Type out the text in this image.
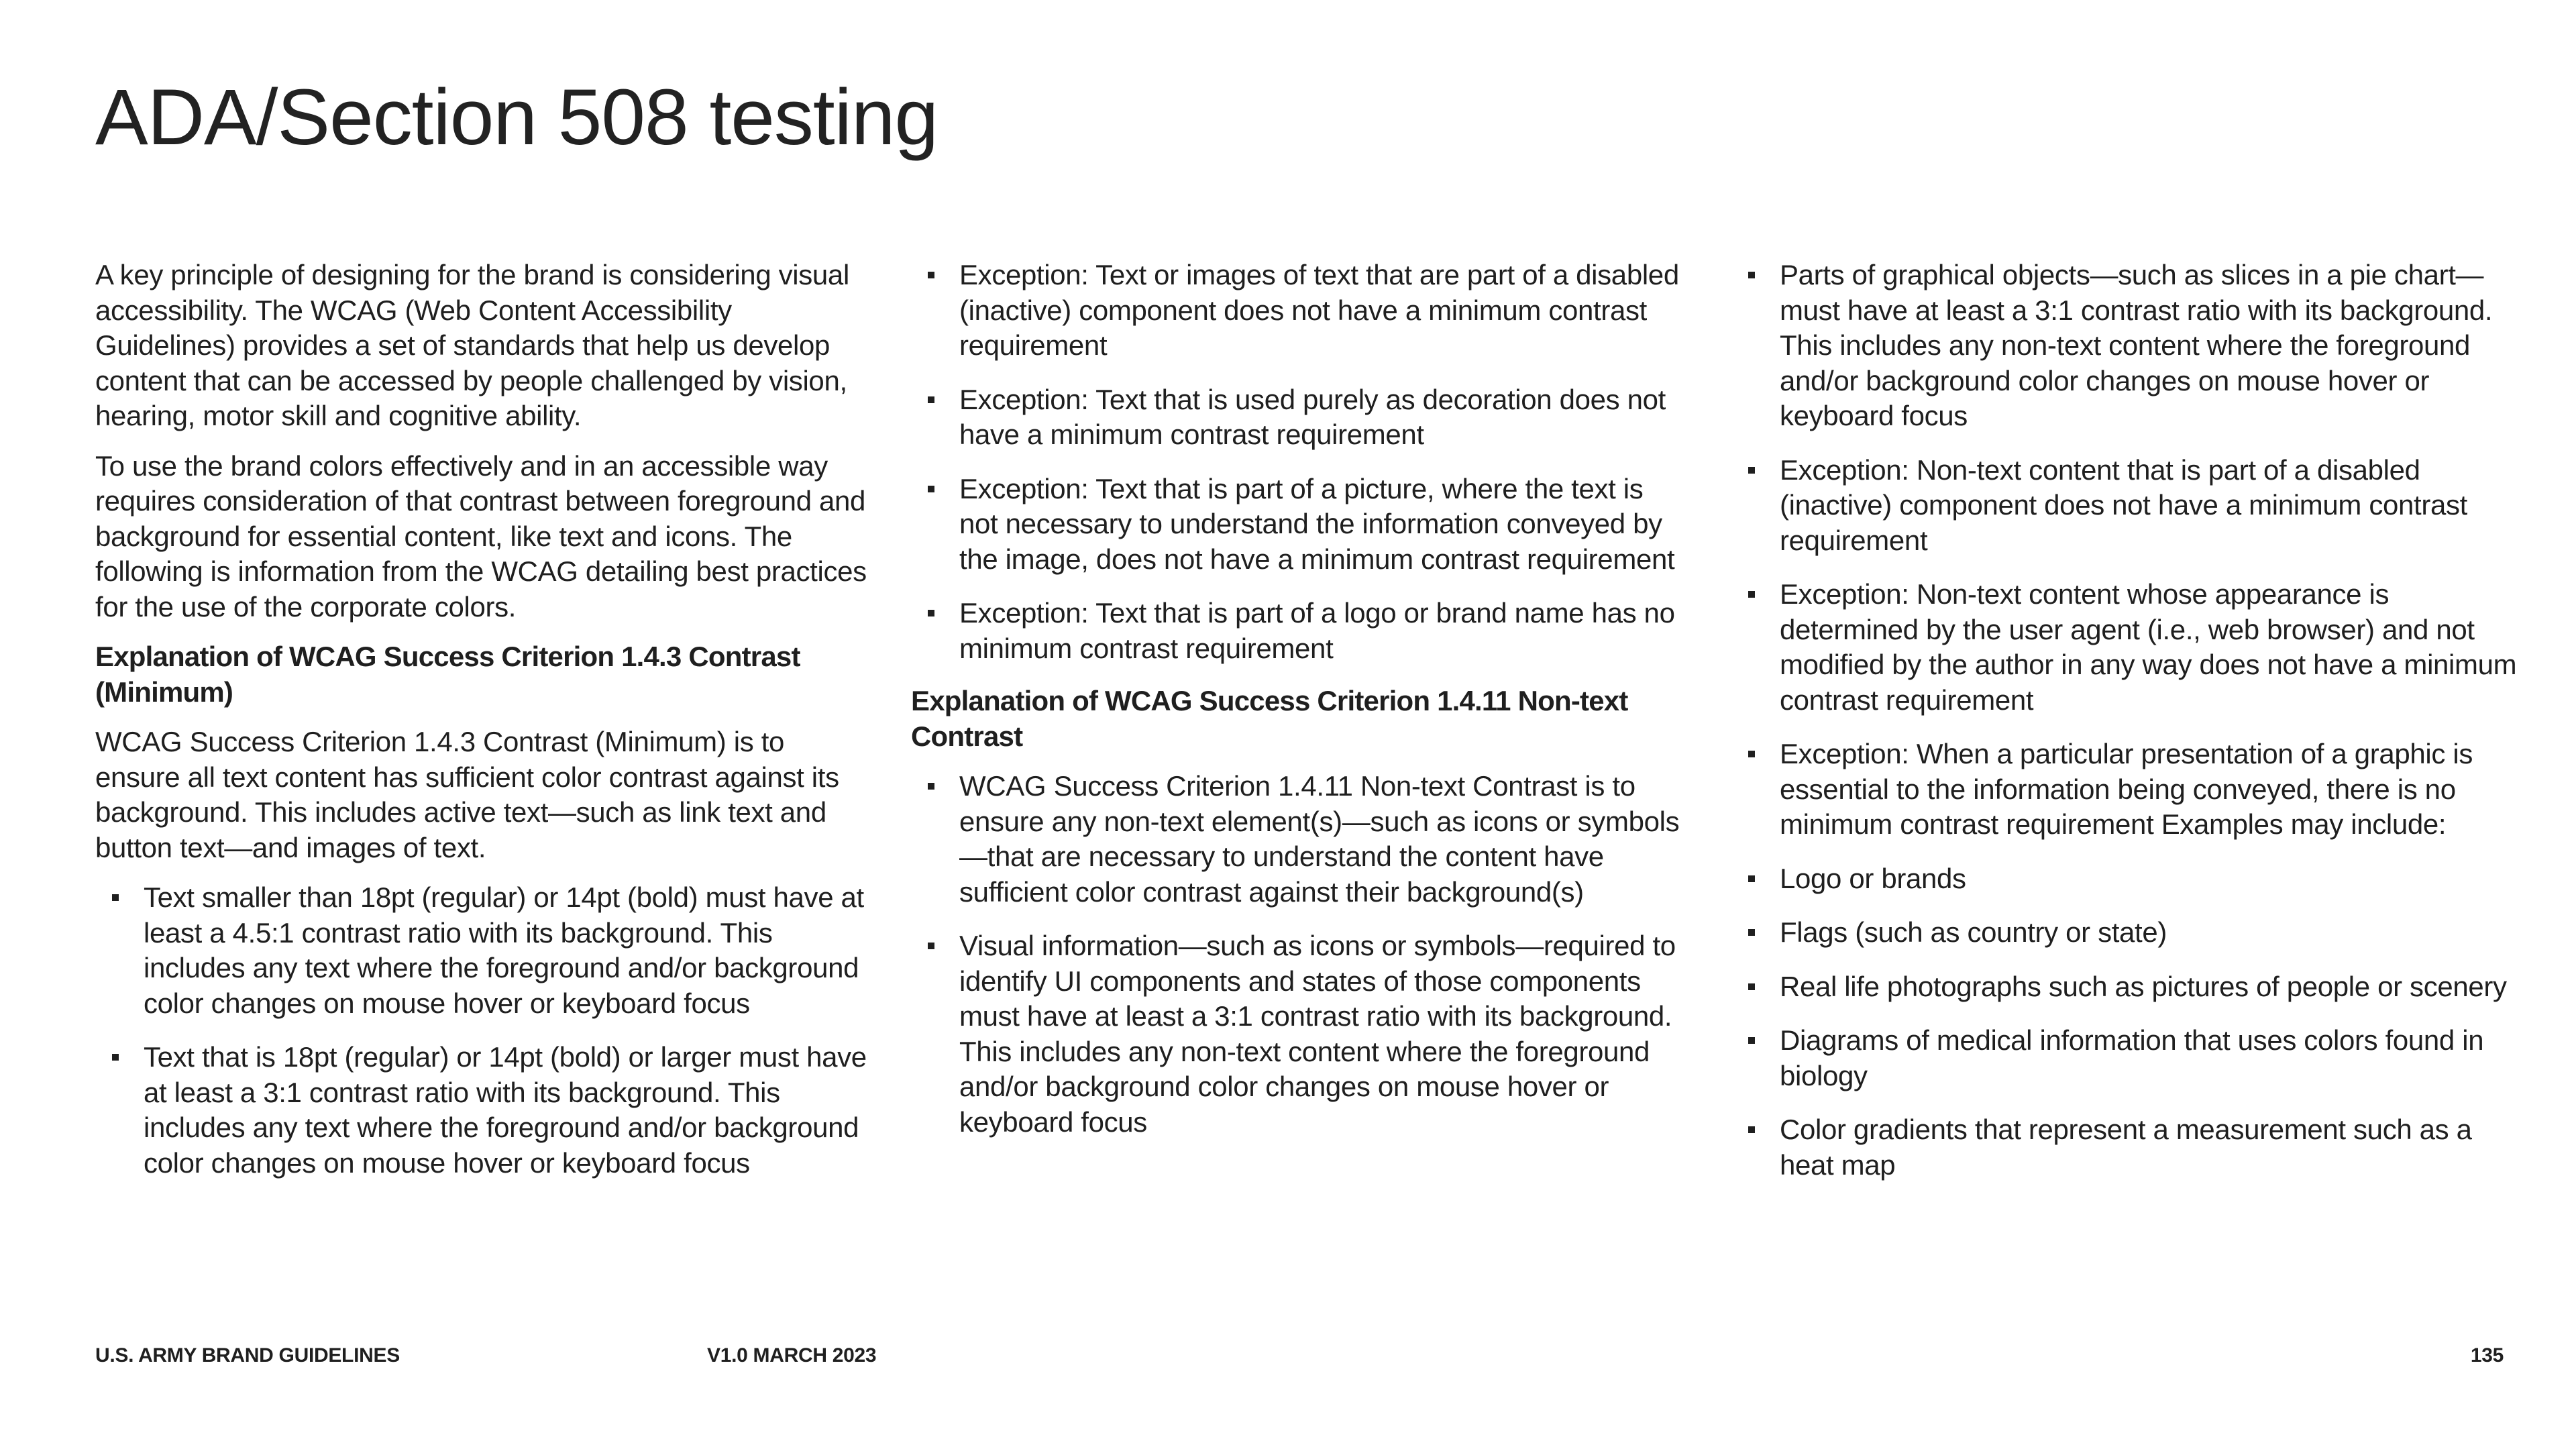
ADA/Section 508 testing

A key principle of designing for the brand is considering visual accessibility. The WCAG (Web Content Accessibility Guidelines) provides a set of standards that help us develop content that can be accessed by people challenged by vision, hearing, motor skill and cognitive ability.

To use the brand colors effectively and in an accessible way requires consideration of that contrast between foreground and background for essential content, like text and icons. The following is information from the WCAG detailing best practices for the use of the corporate colors.

Explanation of WCAG Success Criterion 1.4.3 Contrast (Minimum)

WCAG Success Criterion 1.4.3 Contrast (Minimum) is to ensure all text content has sufficient color contrast against its background. This includes active text—such as link text and button text—and images of text.

Text smaller than 18pt (regular) or 14pt (bold) must have at least a 4.5:1 contrast ratio with its background. This includes any text where the foreground and/or background color changes on mouse hover or keyboard focus
Text that is 18pt (regular) or 14pt (bold) or larger must have at least a 3:1 contrast ratio with its background. This includes any text where the foreground and/or background color changes on mouse hover or keyboard focus
Exception: Text or images of text that are part of a disabled (inactive) component does not have a minimum contrast requirement
Exception: Text that is used purely as decoration does not have a minimum contrast requirement
Exception: Text that is part of a picture, where the text is not necessary to understand the information conveyed by the image, does not have a minimum contrast requirement
Exception: Text that is part of a logo or brand name has no minimum contrast requirement

Explanation of WCAG Success Criterion 1.4.11 Non-text Contrast

WCAG Success Criterion 1.4.11 Non-text Contrast is to ensure any non-text element(s)—such as icons or symbols—that are necessary to understand the content have sufficient color contrast against their background(s)
Visual information—such as icons or symbols—required to identify UI components and states of those components must have at least a 3:1 contrast ratio with its background. This includes any non-text content where the foreground and/or background color changes on mouse hover or keyboard focus
Parts of graphical objects—such as slices in a pie chart— must have at least a 3:1 contrast ratio with its background. This includes any non-text content where the foreground and/or background color changes on mouse hover or keyboard focus
Exception: Non-text content that is part of a disabled (inactive) component does not have a minimum contrast requirement
Exception: Non-text content whose appearance is determined by the user agent (i.e., web browser) and not modified by the author in any way does not have a minimum contrast requirement
Exception: When a particular presentation of a graphic is essential to the information being conveyed, there is no minimum contrast requirement Examples may include:
Logo or brands
Flags (such as country or state)
Real life photographs such as pictures of people or scenery
Diagrams of medical information that uses colors found in biology
Color gradients that represent a measurement such as a heat map
U.S. ARMY BRAND GUIDELINES	V1.0 MARCH 2023	135
